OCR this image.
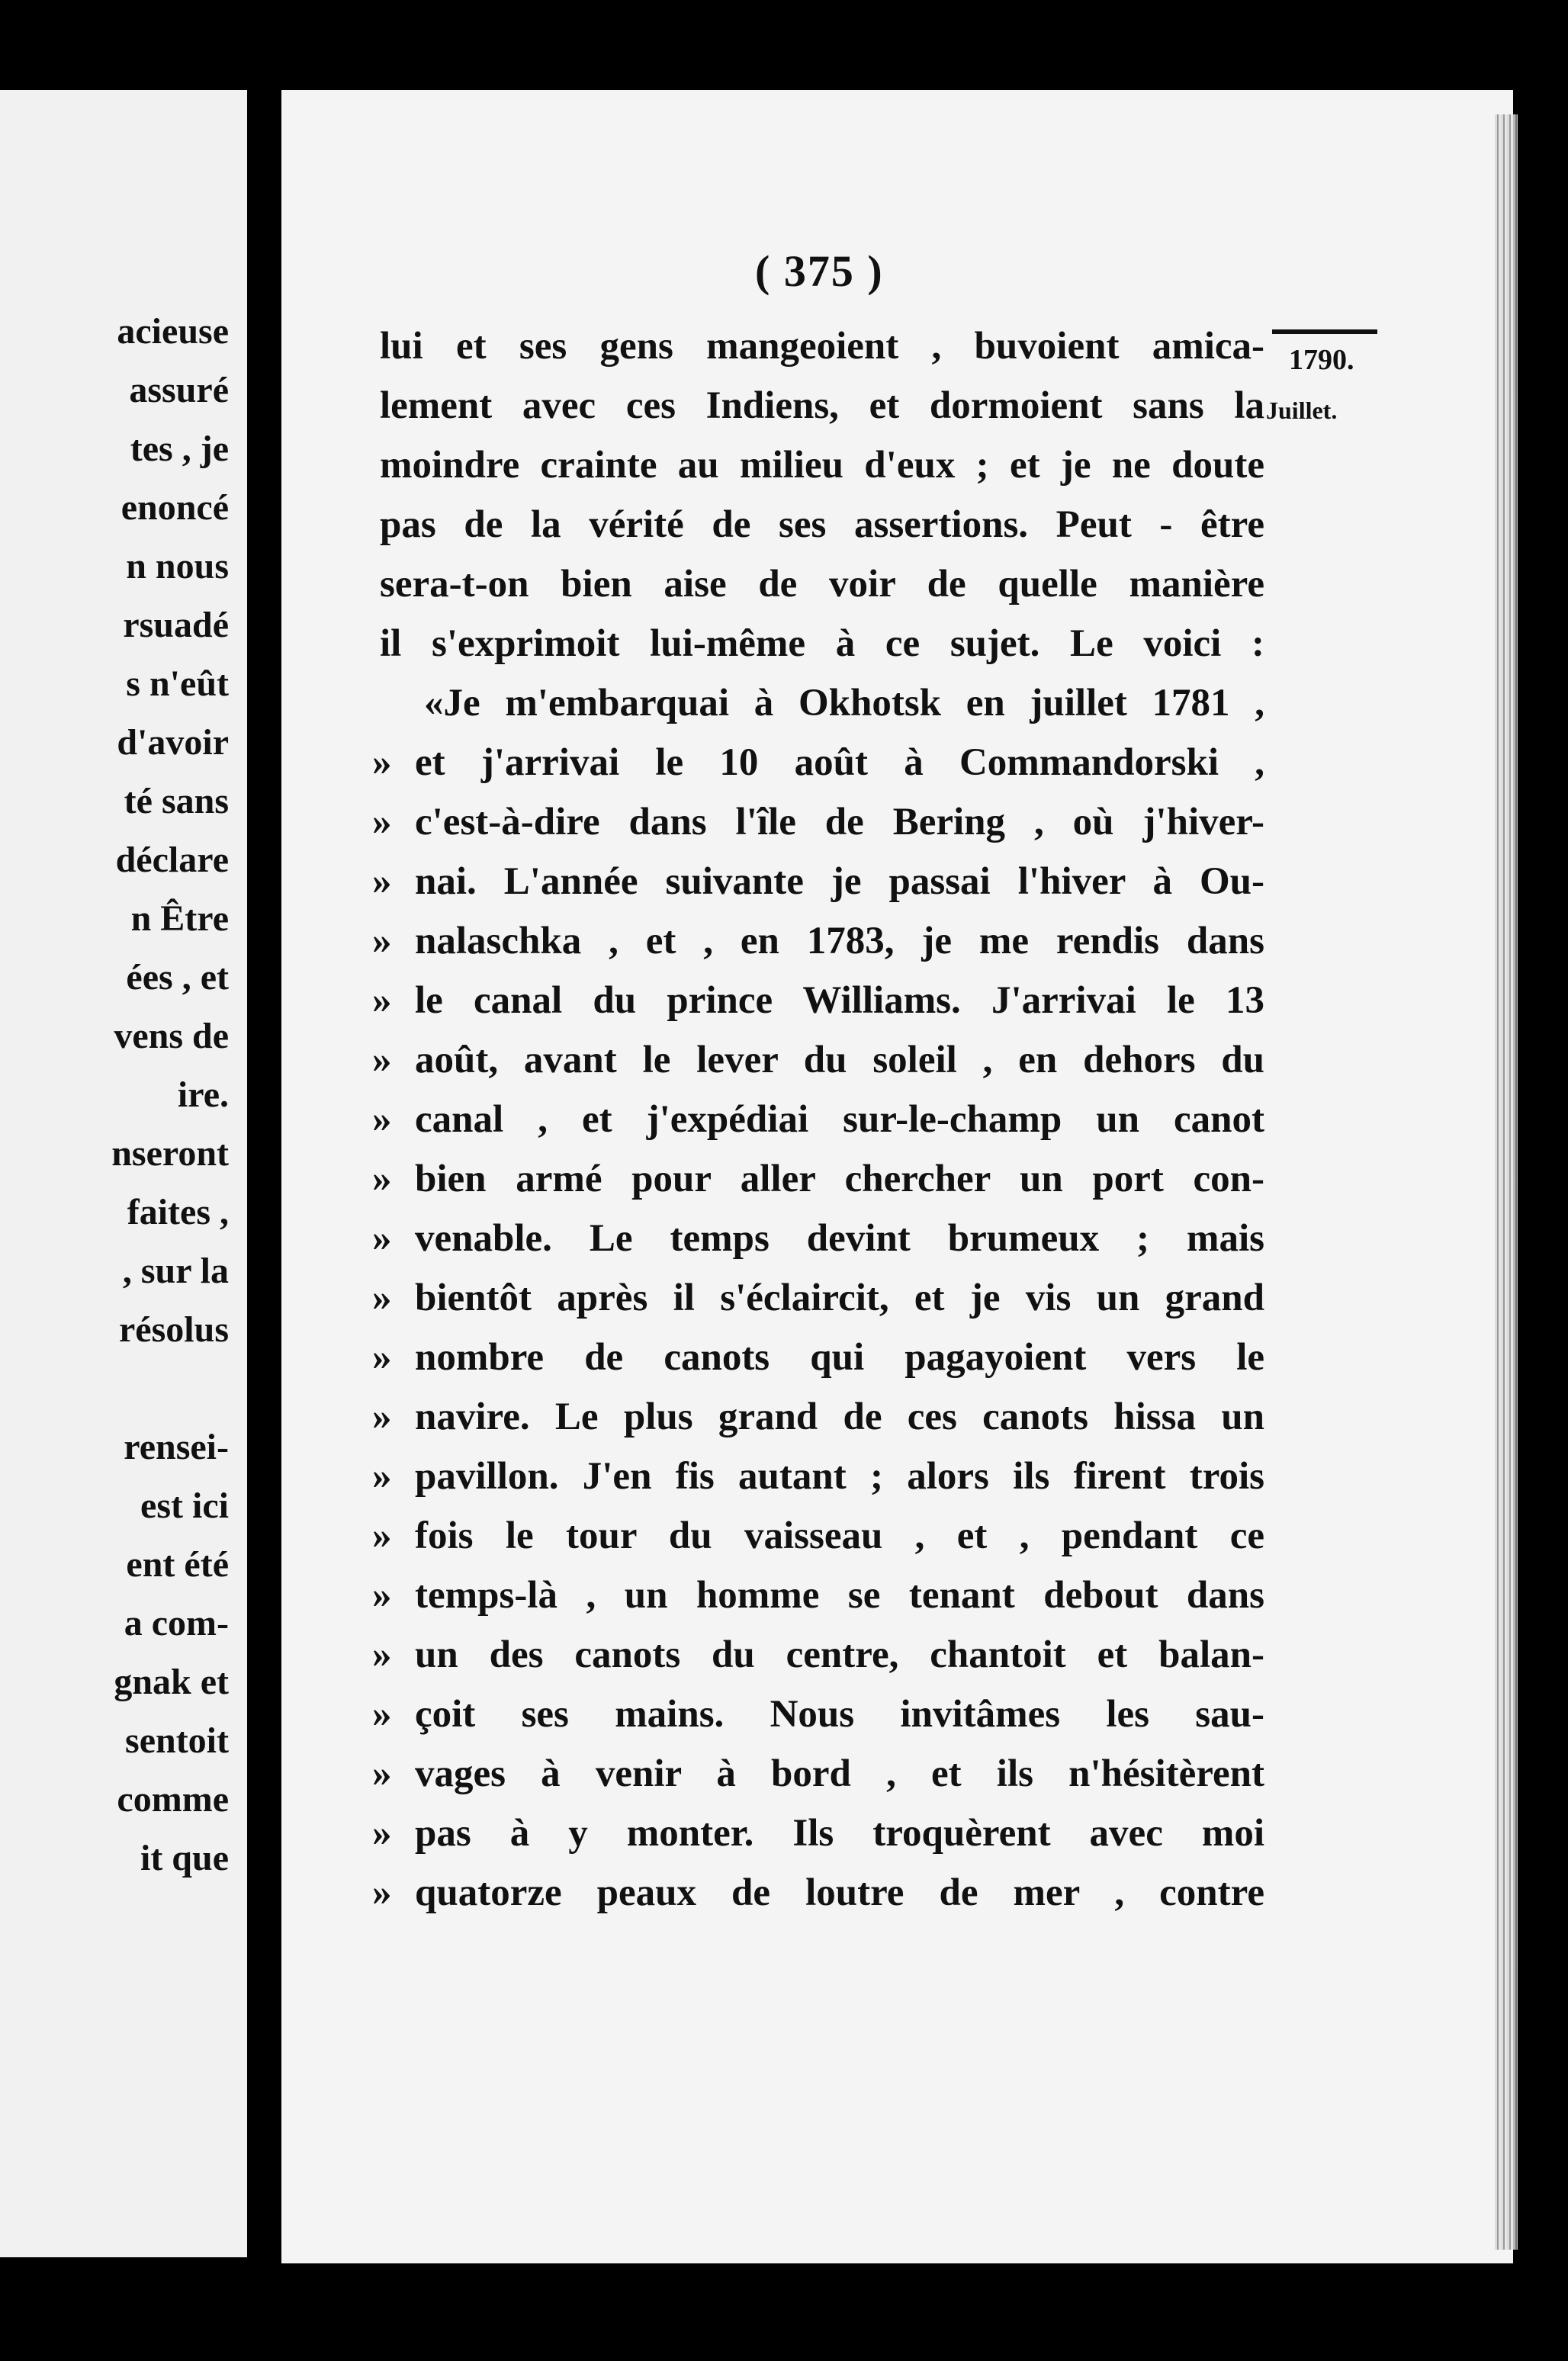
acieuse
assuré
tes , je
enoncé
n nous
rsuadé
s n'eût
d'avoir
té sans
déclare
n Être
ées , et
vens de
ire.
nseront
faites ,
, sur la
résolus
rensei-
est ici
ent été
a com-
gnak et
sentoit
comme
it que
( 375 )
lui et ses gens mangeoient , buvoient amica-
lement avec ces Indiens, et dormoient sans la
moindre crainte au milieu d'eux ; et je ne doute
pas de la vérité de ses assertions. Peut - être
sera-t-on bien aise de voir de quelle manière
il s'exprimoit lui-même à ce sujet. Le voici :
«Je m'embarquai à Okhotsk en juillet 1781 ,
» et j'arrivai le 10 août à Commandorski ,
» c'est-à-dire dans l'île de Bering , où j'hiver-
» nai. L'année suivante je passai l'hiver à Ou-
» nalaschka , et , en 1783, je me rendis dans
» le canal du prince Williams. J'arrivai le 13
» août, avant le lever du soleil , en dehors du
» canal , et j'expédiai sur-le-champ un canot
» bien armé pour aller chercher un port con-
» venable. Le temps devint brumeux ; mais
» bientôt après il s'éclaircit, et je vis un grand
» nombre de canots qui pagayoient vers le
» navire. Le plus grand de ces canots hissa un
» pavillon. J'en fis autant ; alors ils firent trois
» fois le tour du vaisseau , et , pendant ce
» temps-là , un homme se tenant debout dans
» un des canots du centre, chantoit et balan-
» çoit ses mains. Nous invitâmes les sau-
» vages à venir à bord , et ils n'hésitèrent
» pas à y monter. Ils troquèrent avec moi
» quatorze peaux de loutre de mer , contre
1790.
Juillet.
